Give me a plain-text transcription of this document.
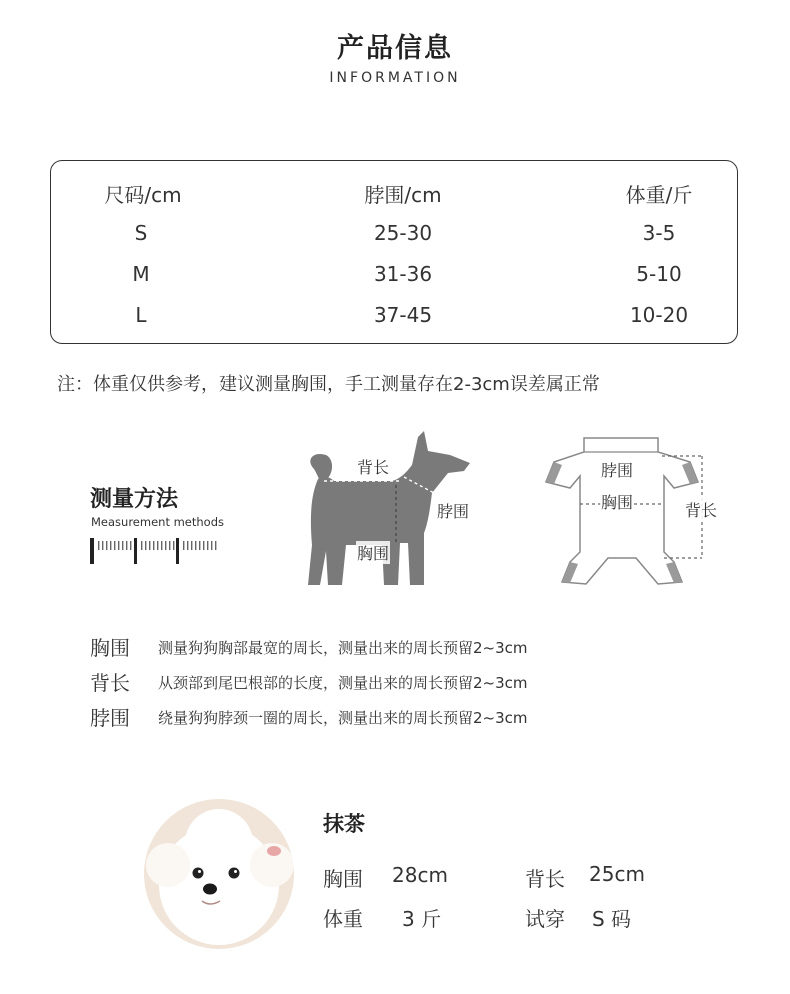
产品信息
INFORMATION
尺码/cm	脖围/cm	体重/斤
S	25-30	3-5
M	31-36	5-10
L	37-45	10-20
注：体重仅供参考，建议测量胸围，手工测量存在2-3cm误差属正常
测量方法
Measurement methods
背长
脖围
胸围
脖围
胸围	背长
胸围 测量狗狗胸部最宽的周长，测量出来的周长预留2~3cm
背长 从颈部到尾巴根部的长度，测量出来的周长预留2~3cm
脖围 绕量狗狗脖颈一圈的周长，测量出来的周长预留2~3cm
抹茶
胸围 28cm	背长 25cm
体重 3 斤	试穿 S 码
